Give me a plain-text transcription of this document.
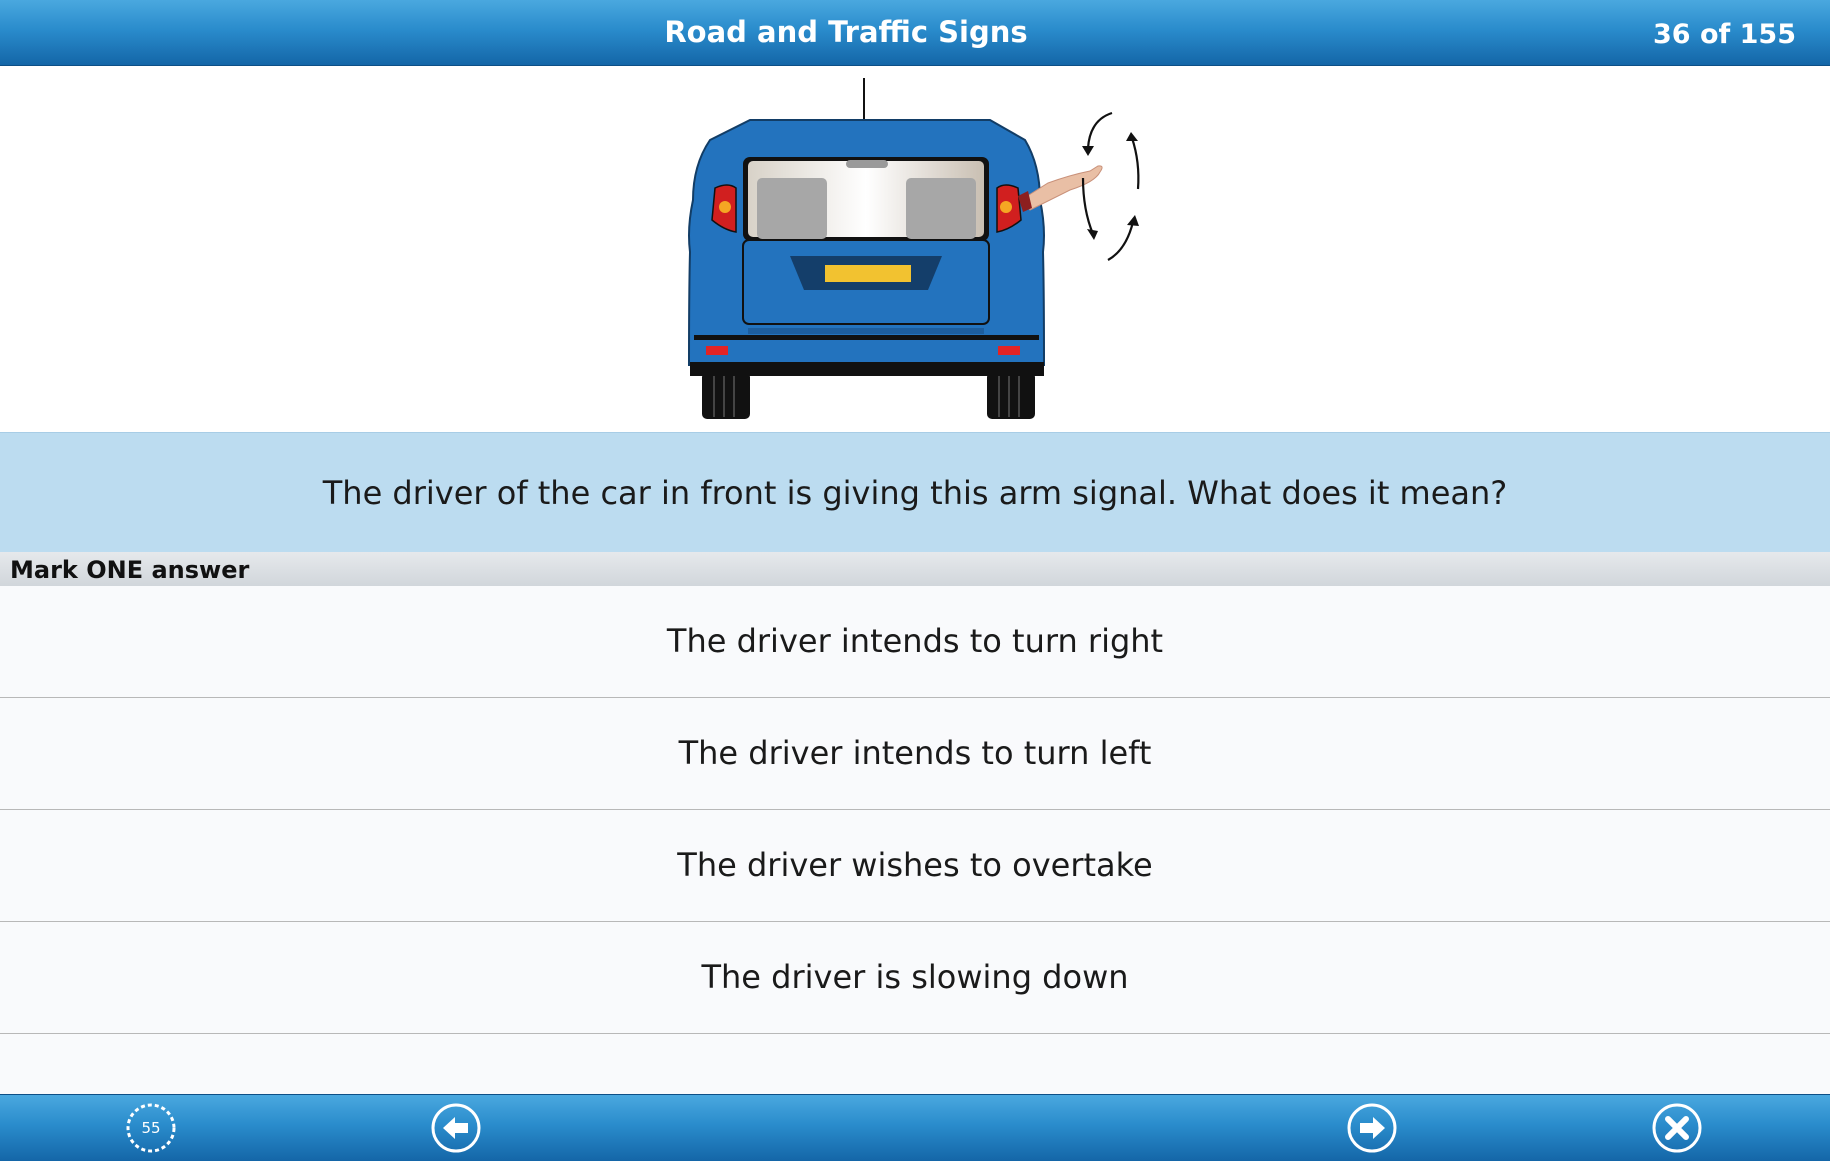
Road and Traffic Signs	36 of 155
The driver of the car in front is giving this arm signal. What does it mean?
Mark ONE answer
The driver intends to turn right
The driver intends to turn left
The driver wishes to overtake
The driver is slowing down
55
